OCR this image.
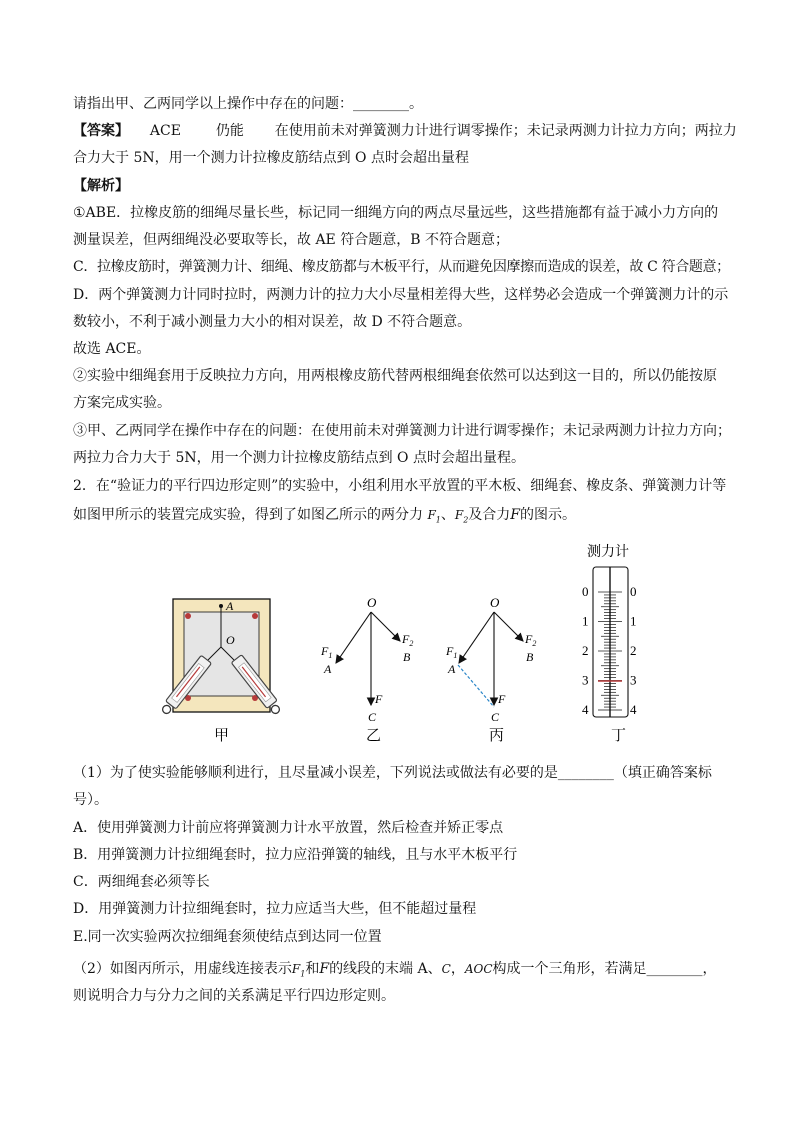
请指出甲、乙两同学以上操作中存在的问题：________。
【答案】 ACE 仍能 在使用前未对弹簧测力计进行调零操作；未记录两测力计拉力方向；两拉力
合力大于 5N，用一个测力计拉橡皮筋结点到 O 点时会超出量程
【解析】
①ABE．拉橡皮筋的细绳尽量长些，标记同一细绳方向的两点尽量远些，这些措施都有益于减小力方向的
测量误差，但两细绳没必要取等长，故 AE 符合题意，B 不符合题意；
C．拉橡皮筋时，弹簧测力计、细绳、橡皮筋都与木板平行，从而避免因摩擦而造成的误差，故 C 符合题意；
D．两个弹簧测力计同时拉时，两测力计的拉力大小尽量相差得大些，这样势必会造成一个弹簧测力计的示
数较小，不利于减小测量力大小的相对误差，故 D 不符合题意。
故选 ACE。
②实验中细绳套用于反映拉力方向，用两根橡皮筋代替两根细绳套依然可以达到这一目的，所以仍能按原
方案完成实验。
③甲、乙两同学在操作中存在的问题：在使用前未对弹簧测力计进行调零操作；未记录两测力计拉力方向；
两拉力合力大于 5N，用一个测力计拉橡皮筋结点到 O 点时会超出量程。
2．在“验证力的平行四边形定则”的实验中，小组利用水平放置的平木板、细绳套、橡皮条、弹簧测力计等
如图甲所示的装置完成实验，得到了如图乙所示的两分力 $F_1$、$F_2$及合力F的图示。
A
O
甲
O
$F_1$
A
$F_2$
B
F
C
乙
O
$F_1$
A
$F_2$
B
F
C
丙
测力计
0	0
1	1
2	2
3	3
4	4
丁
（1）为了使实验能够顺利进行，且尽量减小误差，下列说法或做法有必要的是________（填正确答案标
号）。
A．使用弹簧测力计前应将弹簧测力计水平放置，然后检查并矫正零点
B．用弹簧测力计拉细绳套时，拉力应沿弹簧的轴线，且与水平木板平行
C．两细绳套必须等长
D．用弹簧测力计拉细绳套时，拉力应适当大些，但不能超过量程
E.同一次实验两次拉细绳套须使结点到达同一位置
（2）如图丙所示，用虚线连接表示$F_1$和F的线段的末端 A、C，AOC构成一个三角形，若满足________，
则说明合力与分力之间的关系满足平行四边形定则。
